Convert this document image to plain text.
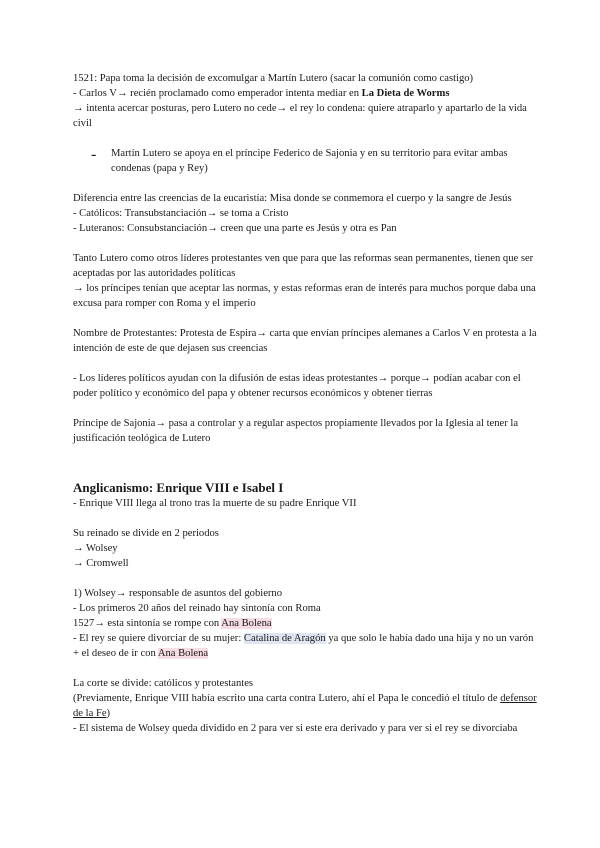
1521: Papa toma la decisión de excomulgar a Martín Lutero (sacar la comunión como castigo)

- Carlos V→ recién proclamado como emperador intenta mediar en La Dieta de Worms

→ intenta acercar posturas, pero Lutero no cede→ el rey lo condena: quiere atraparlo y apartarlo de la vida civil

-	Martín Lutero se apoya en el príncipe Federico de Sajonia y en su territorio para evitar ambas condenas (papa y Rey)

Diferencia entre las creencias de la eucaristía: Misa donde se conmemora el cuerpo y la sangre de Jesús

- Católicos: Transubstanciación→ se toma a Cristo

- Luteranos: Consubstanciación→ creen que una parte es Jesús y otra es Pan

Tanto Lutero como otros líderes protestantes ven que para que las reformas sean permanentes, tienen que ser aceptadas por las autoridades políticas

→ los príncipes tenían que aceptar las normas, y estas reformas eran de interés para muchos porque daba una excusa para romper con Roma y el imperio

Nombre de Protestantes: Protesta de Espira→ carta que envían príncipes alemanes a Carlos V en protesta a la intención de este de que dejasen sus creencias

- Los líderes políticos ayudan con la difusión de estas ideas protestantes→ porque→ podían acabar con el poder político y económico del papa y obtener recursos económicos y obtener tierras

Príncipe de Sajonia→ pasa a controlar y a regular aspectos propiamente llevados por la Iglesia al tener la justificación teológica de Lutero

Anglicanismo: Enrique VIII e Isabel I

- Enrique VIII llega al trono tras la muerte de su padre Enrique VII

Su reinado se divide en 2 periodos

→ Wolsey

→ Cromwell

1) Wolsey→ responsable de asuntos del gobierno

- Los primeros 20 años del reinado hay sintonía con Roma

1527→ esta sintonía se rompe con Ana Bolena

- El rey se quiere divorciar de su mujer: Catalina de Aragón ya que solo le había dado una hija y no un varón + el deseo de ir con Ana Bolena

La corte se divide: católicos y protestantes

(Previamente, Enrique VIII había escrito una carta contra Lutero, ahí el Papa le concedió el título de defensor de la Fe)

- El sistema de Wolsey queda dividido en 2 para ver si este era derivado y para ver si el rey se divorciaba
